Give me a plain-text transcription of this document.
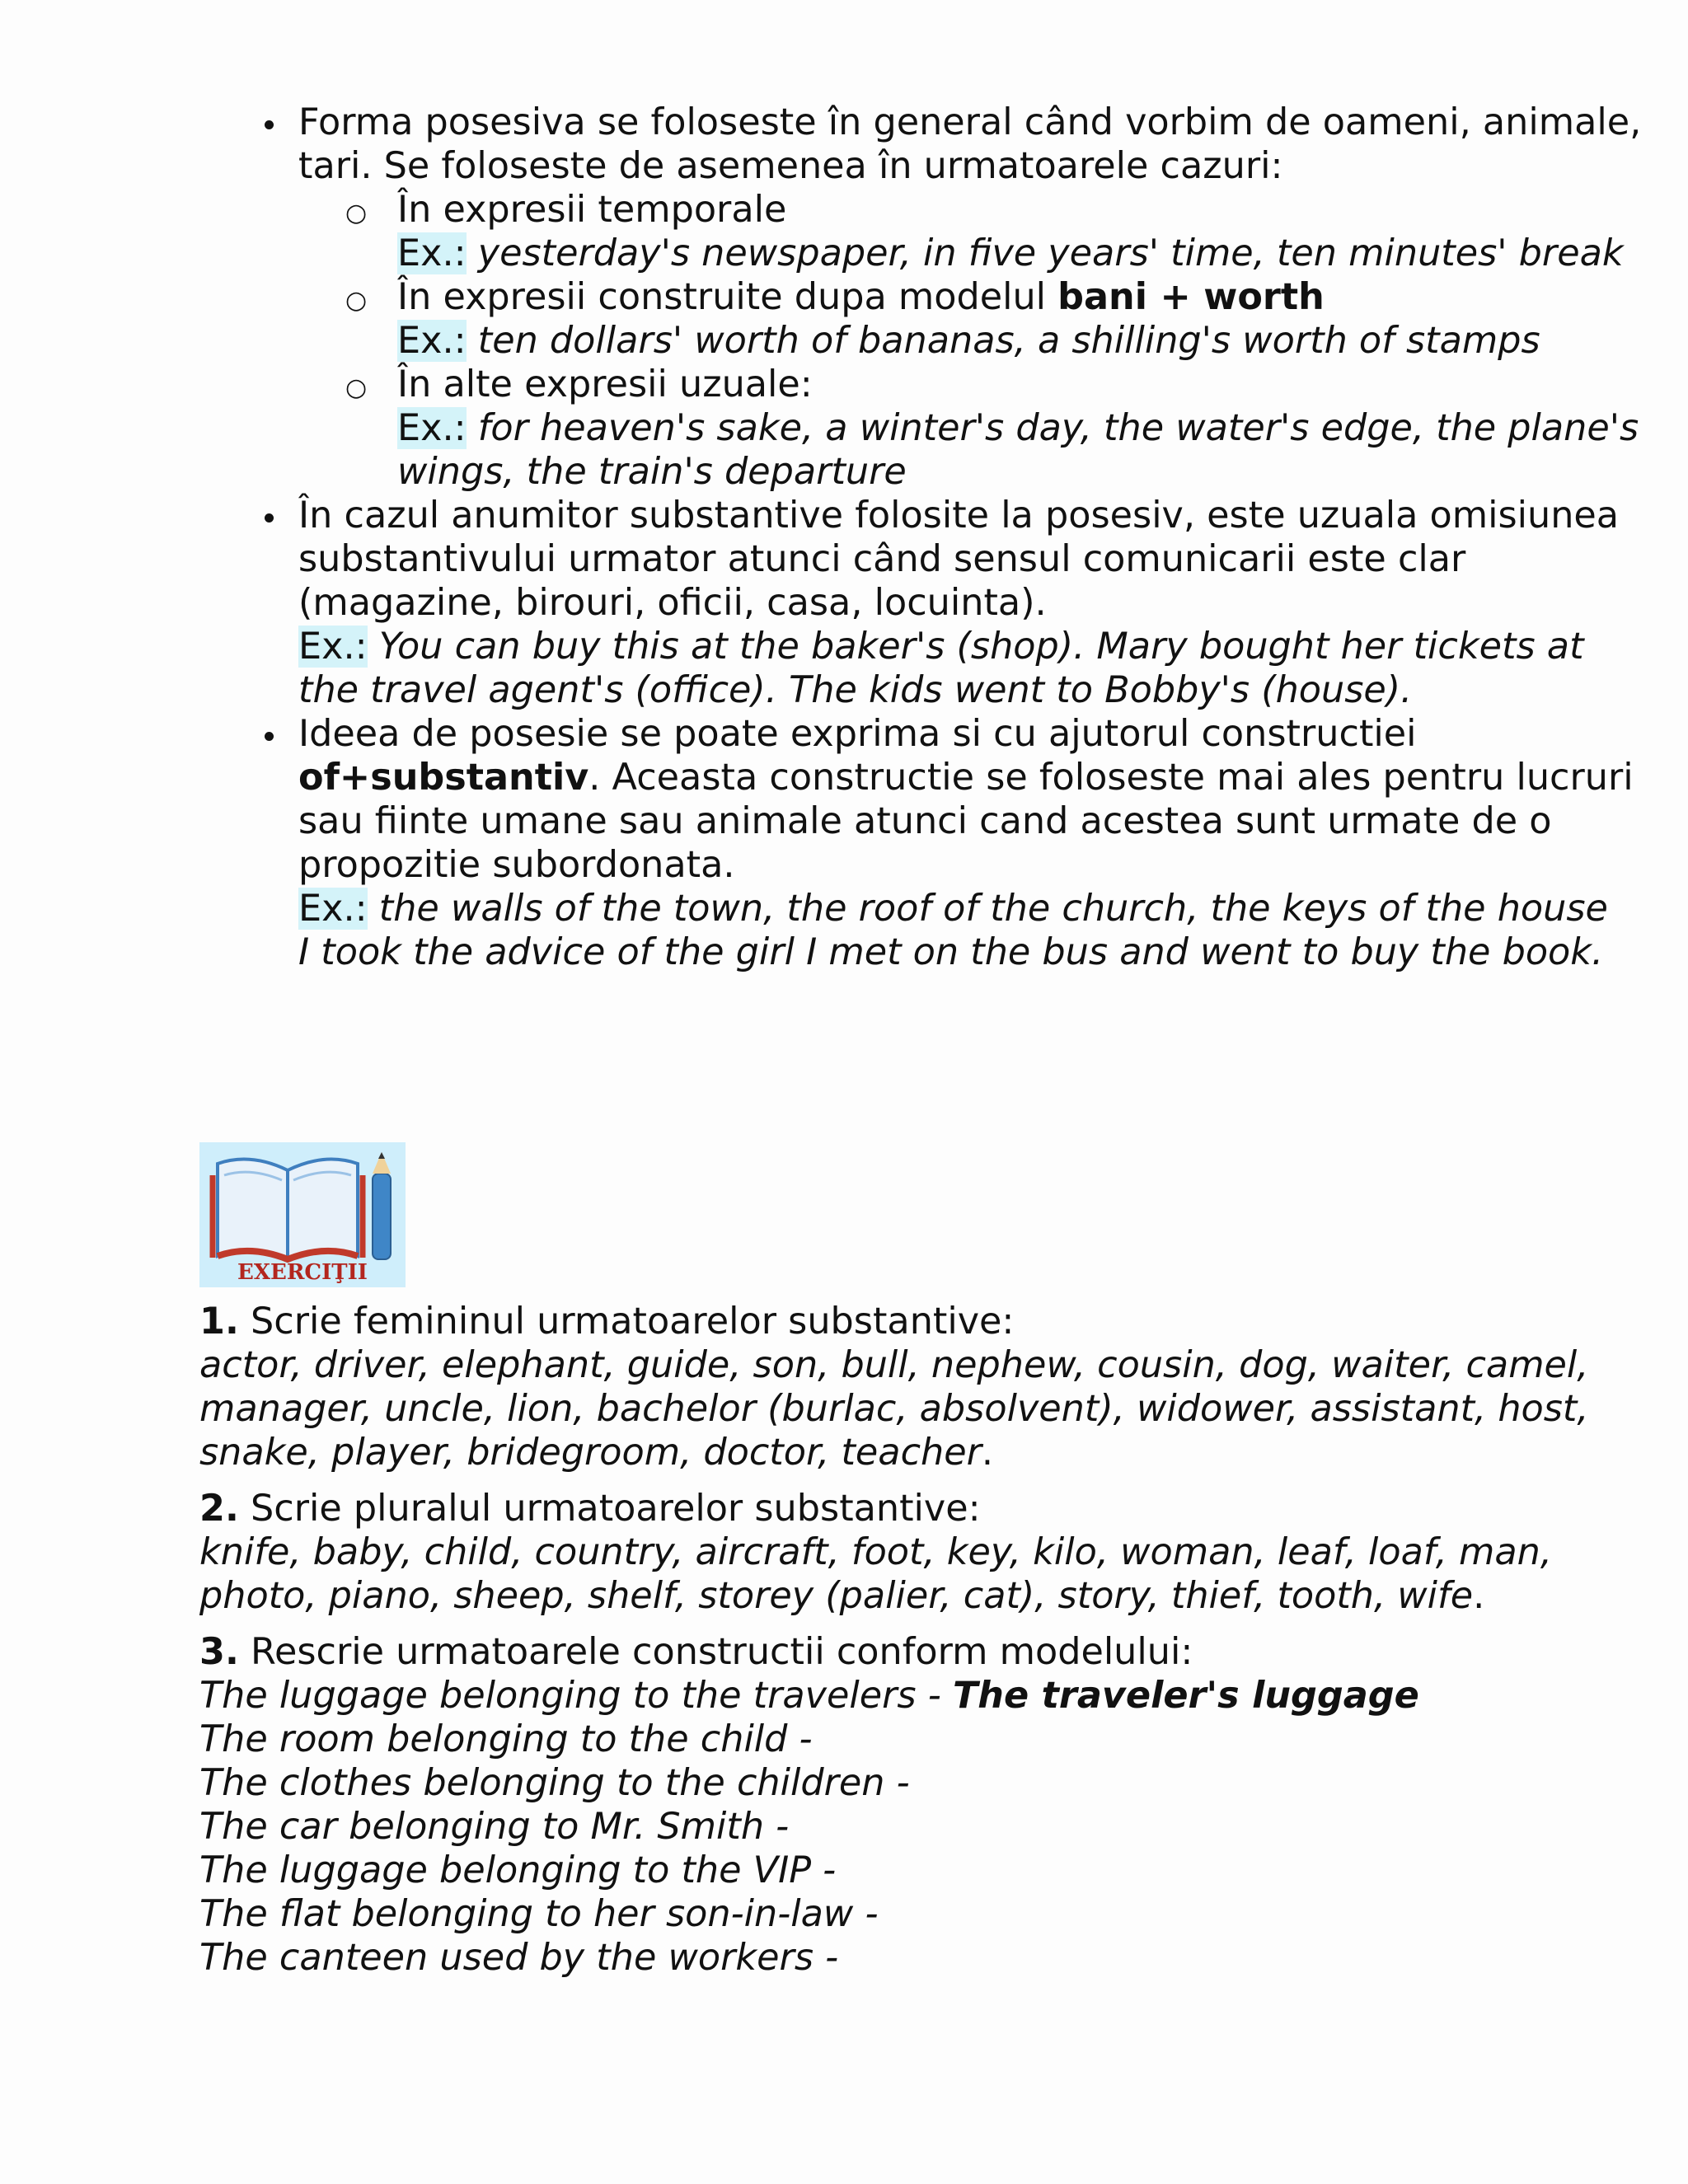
Forma posesiva se foloseste în general când vorbim de oameni, animale, tari. Se foloseste de asemenea în urmatoarele cazuri:
○ În expresii temporale
Ex.: yesterday's newspaper, in five years' time, ten minutes' break
○ În expresii construite dupa modelul bani + worth
Ex.: ten dollars' worth of bananas, a shilling's worth of stamps
○ În alte expresii uzuale:
Ex.: for heaven's sake, a winter's day, the water's edge, the plane's wings, the train's departure
În cazul anumitor substantive folosite la posesiv, este uzuala omisiunea substantivului urmator atunci când sensul comunicarii este clar (magazine, birouri, oficii, casa, locuinta).
Ex.: You can buy this at the baker's (shop). Mary bought her tickets at the travel agent's (office). The kids went to Bobby's (house).
Ideea de posesie se poate exprima si cu ajutorul constructiei of+substantiv. Aceasta constructie se foloseste mai ales pentru lucruri sau fiinte umane sau animale atunci cand acestea sunt urmate de o propozitie subordonata.
Ex.: the walls of the town, the roof of the church, the keys of the house
I took the advice of the girl I met on the bus and went to buy the book.
EXERCIŢII
1. Scrie femininul urmatoarelor substantive:
actor, driver, elephant, guide, son, bull, nephew, cousin, dog, waiter, camel, manager, uncle, lion, bachelor (burlac, absolvent), widower, assistant, host, snake, player, bridegroom, doctor, teacher.
2. Scrie pluralul urmatoarelor substantive:
knife, baby, child, country, aircraft, foot, key, kilo, woman, leaf, loaf, man, photo, piano, sheep, shelf, storey (palier, cat), story, thief, tooth, wife.
3. Rescrie urmatoarele constructii conform modelului:
The luggage belonging to the travelers - The traveler's luggage
The room belonging to the child -
The clothes belonging to the children -
The car belonging to Mr. Smith -
The luggage belonging to the VIP -
The flat belonging to her son-in-law -
The canteen used by the workers -
